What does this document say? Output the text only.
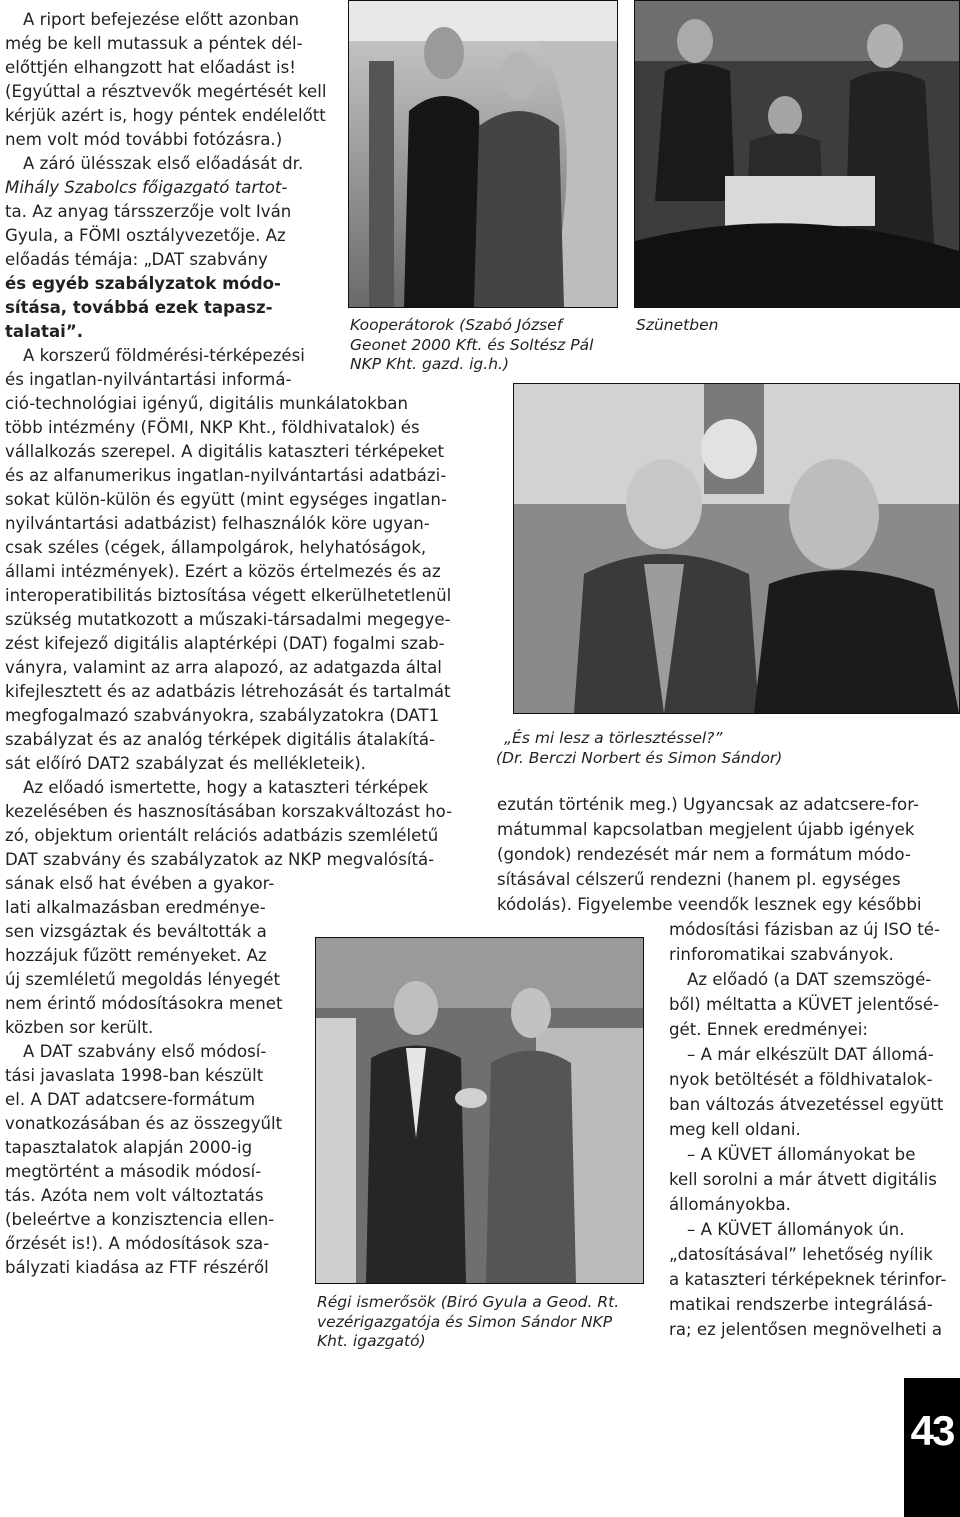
Kooperátorok (Szabó József
Geonet 2000 Kft. és Soltész Pál
NKP Kht. gazd. ig.h.)
Szünetben
„És mi lesz a törlesztéssel?”
(Dr. Berczi Norbert és Simon Sándor)
Régi ismerősök (Biró Gyula a Geod. Rt.
vezérigazgatója és Simon Sándor NKP
Kht. igazgató)
A riport befejezése előtt azonban
még be kell mutassuk a péntek dél-
előttjén elhangzott hat előadást is!
(Egyúttal a résztvevők megértését kell
kérjük azért is, hogy péntek endélelőtt
nem volt mód további fotózásra.)
A záró ülésszak első előadását dr.
Mihály Szabolcs főigazgató tartot-
ta. Az anyag társszerzője volt Iván
Gyula, a FÖMI osztályvezetője. Az
előadás témája: „DAT szabvány
és egyéb szabályzatok módo-
sítása, továbbá ezek tapasz-
talatai”.
A korszerű földmérési-térképezési
és ingatlan-nyilvántartási informá-
ció-technológiai igényű, digitális munkálatokban
több intézmény (FÖMI, NKP Kht., földhivatalok) és
vállalkozás szerepel. A digitális kataszteri térképeket
és az alfanumerikus ingatlan-nyilvántartási adatbázi-
sokat külön-külön és együtt (mint egységes ingatlan-
nyilvántartási adatbázist) felhasználók köre ugyan-
csak széles (cégek, állampolgárok, helyhatóságok,
állami intézmények). Ezért a közös értelmezés és az
interoperatibilitás biztosítása végett elkerülhetetlenül
szükség mutatkozott a műszaki-társadalmi megegye-
zést kifejező digitális alaptérképi (DAT) fogalmi szab-
ványra, valamint az arra alapozó, az adatgazda által
kifejlesztett és az adatbázis létrehozását és tartalmát
megfogalmazó szabványokra, szabályzatokra (DAT1
szabályzat és az analóg térképek digitális átalakítá-
sát előíró DAT2 szabályzat és mellékleteik).
Az előadó ismertette, hogy a kataszteri térképek
kezelésében és hasznosításában korszakváltozást ho-
zó, objektum orientált relációs adatbázis szemléletű
DAT szabvány és szabályzatok az NKP megvalósítá-
sának első hat évében a gyakor-
lati alkalmazásban eredménye-
sen vizsgáztak és beváltották a
hozzájuk fűzött reményeket. Az
új szemléletű megoldás lényegét
nem érintő módosításokra menet
közben sor került.
A DAT szabvány első módosí-
tási javaslata 1998-ban készült
el. A DAT adatcsere-formátum
vonatkozásában és az összegyűlt
tapasztalatok alapján 2000-ig
megtörtént a második módosí-
tás. Azóta nem volt változtatás
(beleértve a konzisztencia ellen-
őrzését is!). A módosítások sza-
bályzati kiadása az FTF részéről
ezután történik meg.) Ugyancsak az adatcsere-for-
mátummal kapcsolatban megjelent újabb igények
(gondok) rendezését már nem a formátum módo-
sításával célszerű rendezni (hanem pl. egységes
kódolás). Figyelembe veendők lesznek egy későbbi
módosítási fázisban az új ISO té-
rinforomatikai szabványok.
Az előadó (a DAT szemszögé-
ből) méltatta a KÜVET jelentősé-
gét. Ennek eredményei:
– A már elkészült DAT állomá-
nyok betöltését a földhivatalok-
ban változás átvezetéssel együtt
meg kell oldani.
– A KÜVET állományokat be
kell sorolni a már átvett digitális
állományokba.
– A KÜVET állományok ún.
„datosításával” lehetőség nyílik
a kataszteri térképeknek térinfor-
matikai rendszerbe integrálásá-
ra; ez jelentősen megnövelheti a
43
